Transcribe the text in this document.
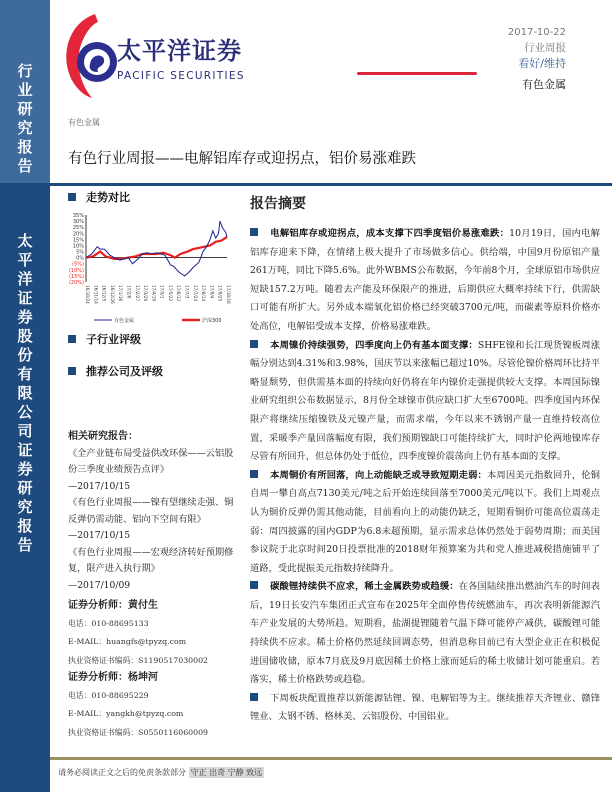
行业研究报告
太平洋证券股份有限公司证券研究报告
太平洋证券
PACIFIC SECURITIES
2017-10-22
行业周报
看好/维持
有色金属
有色金属
有色行业周报——电解铝库存或迎拐点，铝价易涨难跌
走势对比
35%
30%
25%
20%
15%
10%
5%
0%
(5%)
(10%)
(15%)
(20%)
16/10/24 16/11/14 16/12/5 16/12/26 17/1/16 17/2/6 17/2/27 17/3/20 17/4/10 17/5/1 17/5/22 17/6/12 17/7/3 17/7/24 17/8/14 17/9/4 17/9/25 17/10/16
有色金属	沪深300
子行业评级
推荐公司及评级
报告摘要

电解铝库存或迎拐点，成本支撑下四季度铝价易涨难跌：10月19日，国内电解铝库存迎来下降，在情绪上极大提升了市场做多信心。供给端，中国9月份原铝产量261万吨，同比下降5.6%。此外WBMS公布数据，今年前8个月，全球原铝市场供应短缺157.2万吨。随着去产能及环保限产的推进，后期供应大概率持续下行，供需缺口可能有所扩大。另外成本端氧化铝价格已经突破3700元/吨，而碳素等原料价格亦处高位，电解铝受成本支撑，价格易涨难跌。

本周镍价持续强势，四季度向上仍有基本面支撑：SHFE镍和长江现货镍板周涨幅分别达到4.31%和3.98%，国庆节以来涨幅已超过10%。尽管伦镍价格周环比持平略显颓势，但供需基本面的持续向好仍将在年内镍价走强提供较大支撑。本周国际镍业研究组织公布数据显示，8月份全球镍市供应缺口扩大至6700吨。四季度国内环保限产将继续压缩镍铁及元镍产量，而需求端，今年以来不锈钢产量一直维持较高位置，采暖季产量回落幅度有限，我们预期镍缺口可能持续扩大，同时沪伦两地镍库存尽管有所回升，但总体仍处于低位，四季度镍价震荡向上仍有基本面的支撑。

本周铜价有所回落，向上动能缺乏或导致短期走弱：本周因美元指数回升，伦铜自周一攀自高点7130美元/吨之后开始连续回落至7000美元/吨以下。我们上周观点认为铜价反弹仍需其他动能，目前看向上的动能仍缺乏，短期看铜价可能高位震荡走弱：周四披露的国内GDP为6.8未超预期，显示需求总体仍然处于弱势周期；而美国参议院于北京时间20日投票批准的2018财年预算案为共和党人推进减税措施铺平了道路，受此提振美元指数持续降升。

碳酸锂持续供不应求，稀土金属跌势或趋缓：在各国陆续推出燃油汽车的时间表后，19日长安汽车集团正式宣布在2025年全面停售传统燃油车，再次表明新能源汽车产业发展的大势所趋。短期看，盐湖提锂随着气温下降可能停产减供，碳酸锂可能持续供不应求。稀土价格仍然延续回调态势，但消息称目前已有大型企业正在积极促进国储收储，原本7月底及9月底因稀土价格上涨而延后的稀土收储计划可能重启。若落实，稀土价格跌势或趋稳。

下周板块配置推荐以新能源钴锂、镍、电解铝等为主。继续推荐天齐锂业、赣锋锂业、太钢不锈、格林美、云铝股份、中国铝业。

相关研究报告：
《全产业链布局受益供改环保——云铝股份三季度业绩预告点评》
—2017/10/15
《有色行业周报——镍有望继续走强、铜反弹仍需动能、铝向下空间有限》
—2017/10/15
《有色行业周报——宏观经济转好预期修复，限产进入执行期》
—2017/10/09
证券分析师：黄付生
电话：010-88695133
E-MAIL：huangfs@tpyzq.com
执业资格证书编码：S1190517030002
证券分析师：杨坤河
电话：010-88695229
E-MAIL：yangkh@tpyzq.com
执业资格证书编码：S0550116060009
请务必阅读正文之后的免责条款部分 守正 出奇 宁静 致远
